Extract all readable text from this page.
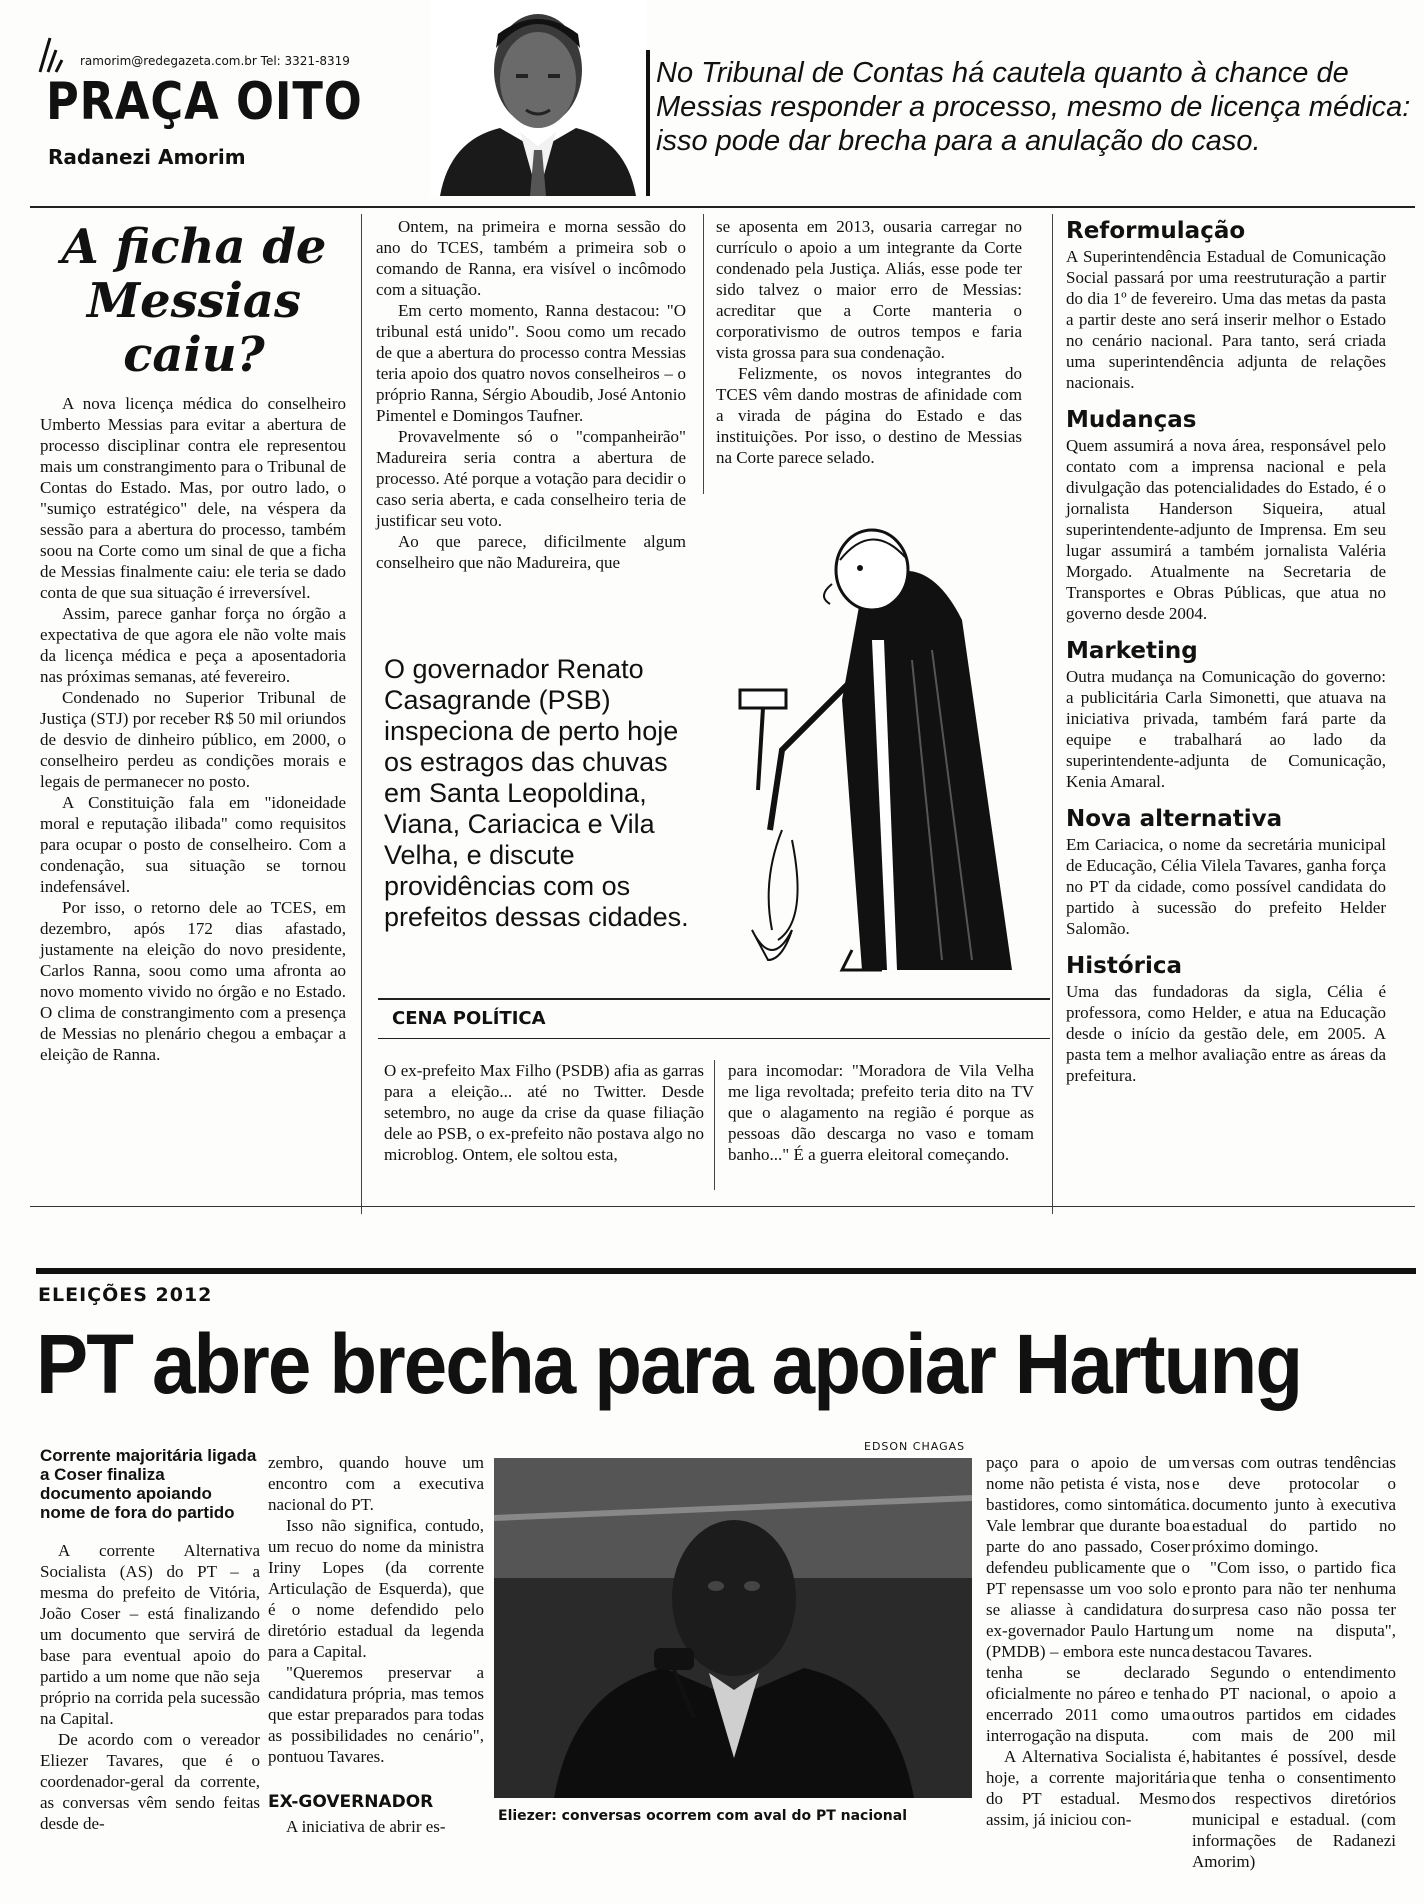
ramorim@redegazeta.com.br Tel: 3321-8319
PRAÇA OITO
Radanezi Amorim
No Tribunal de Contas há cautela quanto à chance de Messias responder a processo, mesmo de licença médica: isso pode dar brecha para a anulação do caso.
A ficha de
Messias
caiu?

A nova licença médica do conselheiro Umberto Messias para evitar a abertura de processo disciplinar contra ele representou mais um constrangimento para o Tribunal de Contas do Estado. Mas, por outro lado, o "sumiço estratégico" dele, na véspera da sessão para a abertura do processo, também soou na Corte como um sinal de que a ficha de Messias finalmente caiu: ele teria se dado conta de que sua situação é irreversível.

Assim, parece ganhar força no órgão a expectativa de que agora ele não volte mais da licença médica e peça a aposentadoria nas próximas semanas, até fevereiro.

Condenado no Superior Tribunal de Justiça (STJ) por receber R$ 50 mil oriundos de desvio de dinheiro público, em 2000, o conselheiro perdeu as condições morais e legais de permanecer no posto.

A Constituição fala em "idoneidade moral e reputação ilibada" como requisitos para ocupar o posto de conselheiro. Com a condenação, sua situação se tornou indefensável.

Por isso, o retorno dele ao TCES, em dezembro, após 172 dias afastado, justamente na eleição do novo presidente, Carlos Ranna, soou como uma afronta ao novo momento vivido no órgão e no Estado. O clima de constrangimento com a presença de Messias no plenário chegou a embaçar a eleição de Ranna.

Ontem, na primeira e morna sessão do ano do TCES, também a primeira sob o comando de Ranna, era visível o incômodo com a situação.

Em certo momento, Ranna destacou: "O tribunal está unido". Soou como um recado de que a abertura do processo contra Messias teria apoio dos quatro novos conselheiros – o próprio Ranna, Sérgio Aboudib, José Antonio Pimentel e Domingos Taufner.

Provavelmente só o "companheirão" Madureira seria contra a abertura de processo. Até porque a votação para decidir o caso seria aberta, e cada conselheiro teria de justificar seu voto.

Ao que parece, dificilmente algum conselheiro que não Madureira, que

se aposenta em 2013, ousaria carregar no currículo o apoio a um integrante da Corte condenado pela Justiça. Aliás, esse pode ter sido talvez o maior erro de Messias: acreditar que a Corte manteria o corporativismo de outros tempos e faria vista grossa para sua condenação.

Felizmente, os novos integrantes do TCES vêm dando mostras de afinidade com a virada de página do Estado e das instituições. Por isso, o destino de Messias na Corte parece selado.

O governador Renato Casagrande (PSB) inspeciona de perto hoje os estragos das chuvas em Santa Leopoldina, Viana, Cariacica e Vila Velha, e discute providências com os prefeitos dessas cidades.
CENA POLÍTICA
O ex-prefeito Max Filho (PSDB) afia as garras para a eleição... até no Twitter. Desde setembro, no auge da crise da quase filiação dele ao PSB, o ex-prefeito não postava algo no microblog. Ontem, ele soltou esta,
para incomodar: "Moradora de Vila Velha me liga revoltada; prefeito teria dito na TV que o alagamento na região é porque as pessoas dão descarga no vaso e tomam banho..." É a guerra eleitoral começando.
Reformulação
A Superintendência Estadual de Comunicação Social passará por uma reestruturação a partir do dia 1º de fevereiro. Uma das metas da pasta a partir deste ano será inserir melhor o Estado no cenário nacional. Para tanto, será criada uma superintendência adjunta de relações nacionais.
Mudanças
Quem assumirá a nova área, responsável pelo contato com a imprensa nacional e pela divulgação das potencialidades do Estado, é o jornalista Handerson Siqueira, atual superintendente-adjunto de Imprensa. Em seu lugar assumirá a também jornalista Valéria Morgado. Atualmente na Secretaria de Transportes e Obras Públicas, que atua no governo desde 2004.
Marketing
Outra mudança na Comunicação do governo: a publicitária Carla Simonetti, que atuava na iniciativa privada, também fará parte da equipe e trabalhará ao lado da superintendente-adjunta de Comunicação, Kenia Amaral.
Nova alternativa
Em Cariacica, o nome da secretária municipal de Educação, Célia Vilela Tavares, ganha força no PT da cidade, como possível candidata do partido à sucessão do prefeito Helder Salomão.
Histórica
Uma das fundadoras da sigla, Célia é professora, como Helder, e atua na Educação desde o início da gestão dele, em 2005. A pasta tem a melhor avaliação entre as áreas da prefeitura.
ELEIÇÕES 2012
PT abre brecha para apoiar Hartung
Corrente majoritária ligada a Coser finaliza documento apoiando nome de fora do partido

A corrente Alternativa Socialista (AS) do PT – a mesma do prefeito de Vitória, João Coser – está finalizando um documento que servirá de base para eventual apoio do partido a um nome que não seja próprio na corrida pela sucessão na Capital.

De acordo com o vereador Eliezer Tavares, que é o coordenador-geral da corrente, as conversas vêm sendo feitas desde de-

zembro, quando houve um encontro com a executiva nacional do PT.

Isso não significa, contudo, um recuo do nome da ministra Iriny Lopes (da corrente Articulação de Esquerda), que é o nome defendido pelo diretório estadual da legenda para a Capital.

"Queremos preservar a candidatura própria, mas temos que estar preparados para todas as possibilidades no cenário", pontuou Tavares.

EX-GOVERNADOR

A iniciativa de abrir es-

EDSON CHAGAS
Eliezer: conversas ocorrem com aval do PT nacional

paço para o apoio de um nome não petista é vista, nos bastidores, como sintomática. Vale lembrar que durante boa parte do ano passado, Coser defendeu publicamente que o PT repensasse um voo solo e se aliasse à candidatura do ex-governador Paulo Hartung (PMDB) – embora este nunca tenha se declarado oficialmente no páreo e tenha encerrado 2011 como uma interrogação na disputa.

A Alternativa Socialista é, hoje, a corrente majoritária do PT estadual. Mesmo assim, já iniciou con-

versas com outras tendências e deve protocolar o documento junto à executiva estadual do partido no próximo domingo.

"Com isso, o partido fica pronto para não ter nenhuma surpresa caso não possa ter um nome na disputa", destacou Tavares.

Segundo o entendimento do PT nacional, o apoio a outros partidos em cidades com mais de 200 mil habitantes é possível, desde que tenha o consentimento dos respectivos diretórios municipal e estadual. (com informações de Radanezi Amorim)
